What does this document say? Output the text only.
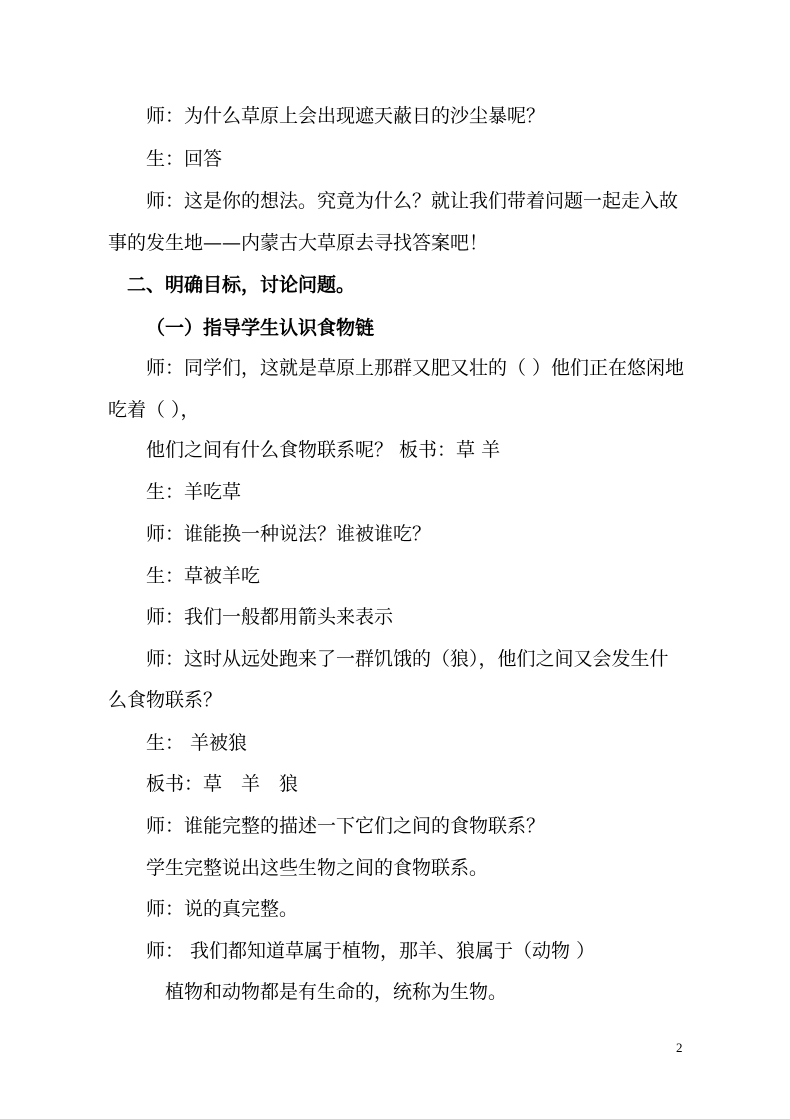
师：为什么草原上会出现遮天蔽日的沙尘暴呢？

生：回答

师：这是你的想法。究竟为什么？就让我们带着问题一起走入故

事的发生地——内蒙古大草原去寻找答案吧！

二、明确目标，讨论问题。

（一）指导学生认识食物链

师：同学们，这就是草原上那群又肥又壮的（ ）他们正在悠闲地

吃着（ ），

他们之间有什么食物联系呢？ 板书：草 羊

生：羊吃草

师：谁能换一种说法？谁被谁吃？

生：草被羊吃

师：我们一般都用箭头来表示

师：这时从远处跑来了一群饥饿的（狼），他们之间又会发生什

么食物联系？

生： 羊被狼

板书：草　羊　狼

师：谁能完整的描述一下它们之间的食物联系？

学生完整说出这些生物之间的食物联系。

师：说的真完整。

师： 我们都知道草属于植物，那羊、狼属于（动物 ）

植物和动物都是有生命的，统称为生物。

2
